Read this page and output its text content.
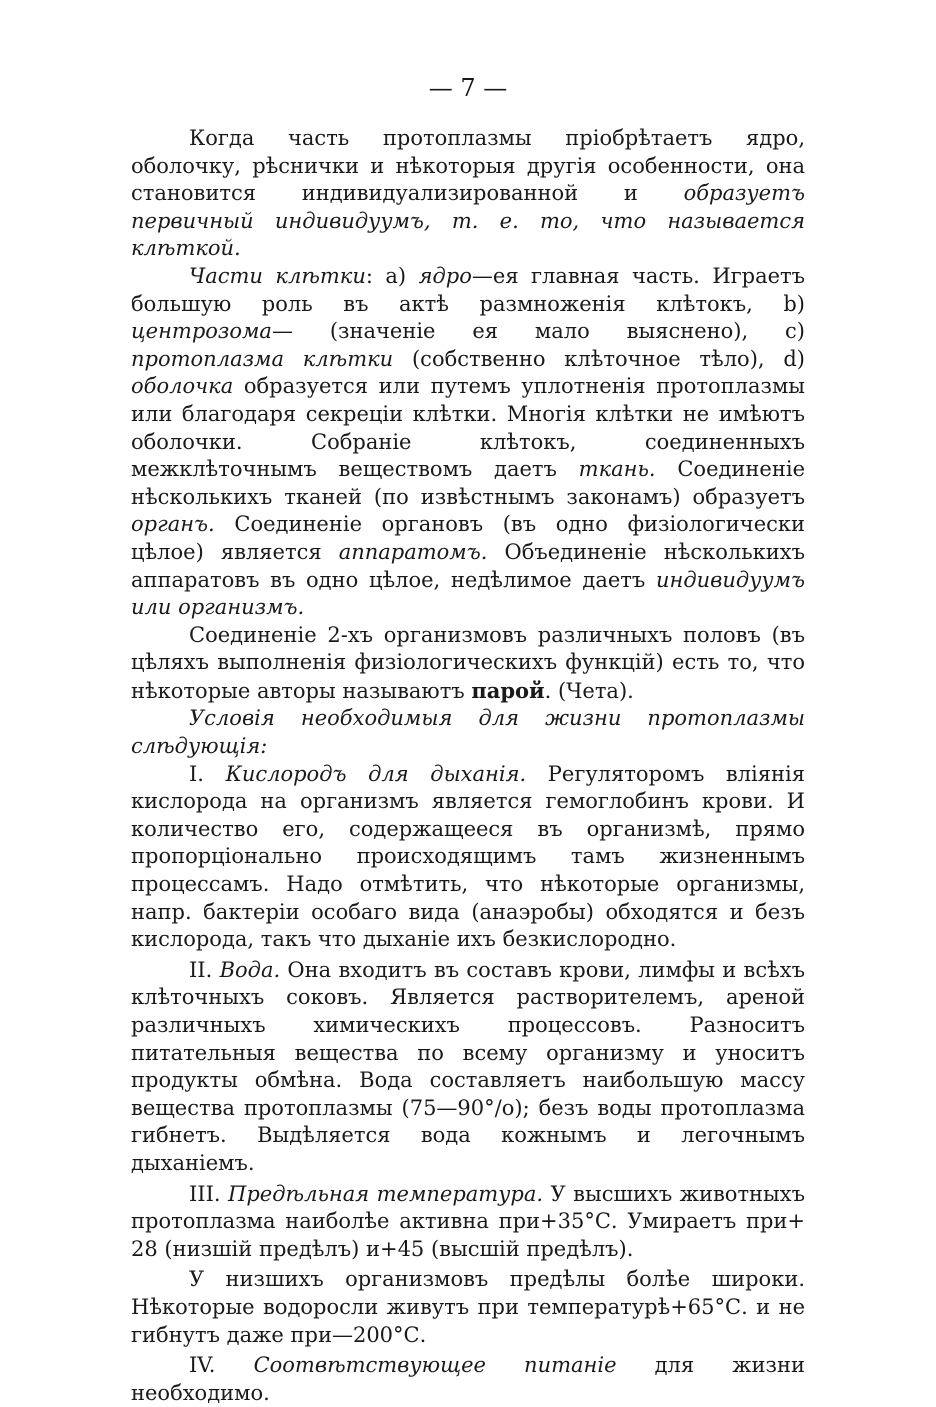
— 7 —

Когда часть протоплазмы пріобрѣтаетъ ядро, оболочку, рѣснички и нѣкоторыя другія особенности, она становится индивидуализированной и образуетъ первичный индивидуумъ, т. е. то, что называется клѣткой.

Части клѣтки: а) ядро—ея главная часть. Играетъ большую роль въ актѣ размноженія клѣтокъ, b) центрозома— (значеніе ея мало выяснено), с) протоплазма клѣтки (собственно клѣточное тѣло), d) оболочка образуется или путемъ уплотненія протоплазмы или благодаря секреціи клѣтки. Многія клѣтки не имѣютъ оболочки. Собраніе клѣтокъ, соединенныхъ межклѣточнымъ веществомъ даетъ ткань. Соединеніе нѣсколькихъ тканей (по извѣстнымъ законамъ) образуетъ органъ. Соединеніе органовъ (въ одно физіологически цѣлое) является аппаратомъ. Объединеніе нѣсколькихъ аппаратовъ въ одно цѣлое, недѣлимое даетъ индивидуумъ или организмъ.

Соединеніе 2-хъ организмовъ различныхъ половъ (въ цѣляхъ выполненія физіологическихъ функцій) есть то, что нѣкоторые авторы называютъ парой. (Чета).

Условія необходимыя для жизни протоплазмы слѣдующія:

I. Кислородъ для дыханія. Регуляторомъ вліянія кислорода на организмъ является гемоглобинъ крови. И количество его, содержащееся въ организмѣ, прямо пропорціонально происходящимъ тамъ жизненнымъ процессамъ. Надо отмѣтить, что нѣкоторые организмы, напр. бактеріи особаго вида (анаэробы) обходятся и безъ кислорода, такъ что дыханіе ихъ безкислородно.

II. Вода. Она входитъ въ составъ крови, лимфы и всѣхъ клѣточныхъ соковъ. Является растворителемъ, ареной различныхъ химическихъ процессовъ. Разноситъ питательныя вещества по всему организму и уноситъ продукты обмѣна. Вода составляетъ наибольшую массу вещества протоплазмы (75—90°/о); безъ воды протоплазма гибнетъ. Выдѣляется вода кожнымъ и легочнымъ дыханіемъ.

III. Предѣльная температура. У высшихъ животныхъ протоплазма наиболѣе активна при+35°С. Умираетъ при+ 28 (низшій предѣлъ) и+45 (высшій предѣлъ).

У низшихъ организмовъ предѣлы болѣе широки. Нѣкоторые водоросли живутъ при температурѣ+65°С. и не гибнутъ даже при—200°С.

IV. Соотвѣтствующее питаніе для жизни необходимо.
